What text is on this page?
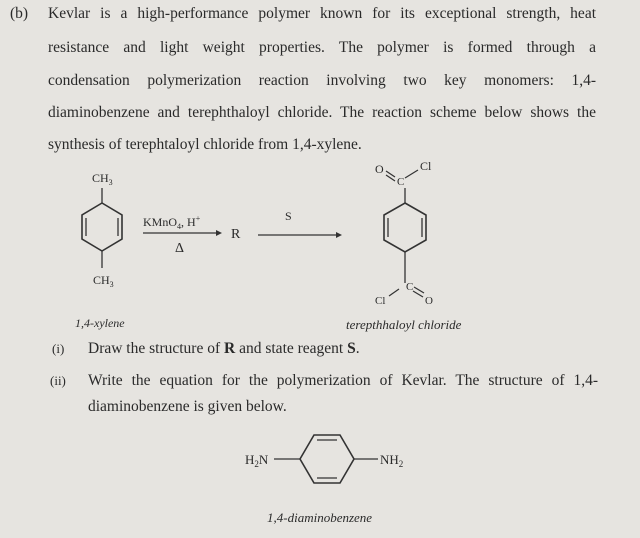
(b) Kevlar is a high-performance polymer known for its exceptional strength, heat
resistance and light weight properties. The polymer is formed through a
condensation polymerization reaction involving two key monomers: 1,4-
diaminobenzene and terephthaloyl chloride. The reaction scheme below shows the
synthesis of terephtaloyl chloride from 1,4-xylene.
$CH_3$
$CH_3$
KMnO$_4$, H+
Δ
R
S
O
C
Cl
C
Cl	O
1,4-xylene	terepthhaloyl chloride
$H_2N$	$NH_2$
1,4-diaminobenzene
(i) Draw the structure of R and state reagent S.
(ii) Write the equation for the polymerization of Kevlar. The structure of 1,4-
diaminobenzene is given below.
